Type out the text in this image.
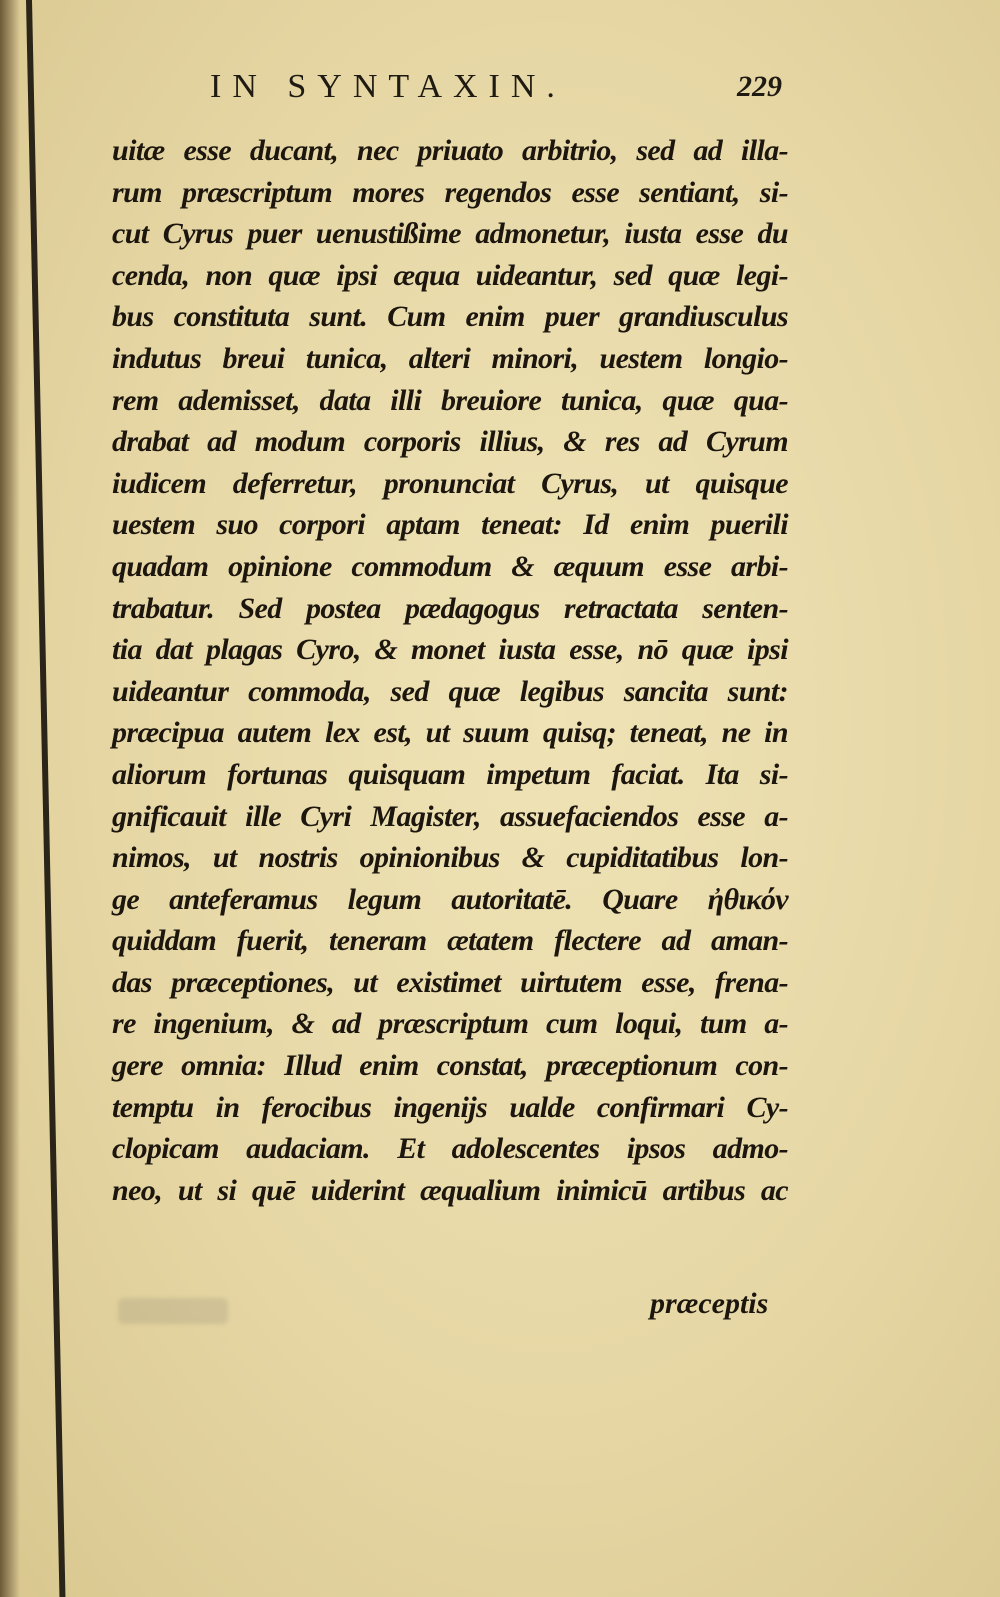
IN SYNTAXIN.	229
uitæ esse ducant, nec priuato arbitrio, sed ad illa-
rum præscriptum mores regendos esse sentiant, si-
cut Cyrus puer uenustißime admonetur, iusta esse du
cenda, non quæ ipsi æqua uideantur, sed quæ legi-
bus constituta sunt. Cum enim puer grandiusculus
indutus breui tunica, alteri minori, uestem longio-
rem ademisset, data illi breuiore tunica, quæ qua-
drabat ad modum corporis illius, & res ad Cyrum
iudicem deferretur, pronunciat Cyrus, ut quisque
uestem suo corpori aptam teneat: Id enim puerili
quadam opinione commodum & æquum esse arbi-
trabatur. Sed postea pædagogus retractata senten-
tia dat plagas Cyro, & monet iusta esse, nō quæ ipsi
uideantur commoda, sed quæ legibus sancita sunt:
præcipua autem lex est, ut suum quisq; teneat, ne in
aliorum fortunas quisquam impetum faciat. Ita si-
gnificauit ille Cyri Magister, assuefaciendos esse a-
nimos, ut nostris opinionibus & cupiditatibus lon-
ge anteferamus legum autoritatē. Quare ἠθικόν
quiddam fuerit, teneram ætatem flectere ad aman-
das præceptiones, ut existimet uirtutem esse, frena-
re ingenium, & ad præscriptum cum loqui, tum a-
gere omnia: Illud enim constat, præceptionum con-
temptu in ferocibus ingenijs ualde confirmari Cy-
clopicam audaciam. Et adolescentes ipsos admo-
neo, ut si quē uiderint æqualium inimicū artibus ac
præceptis
